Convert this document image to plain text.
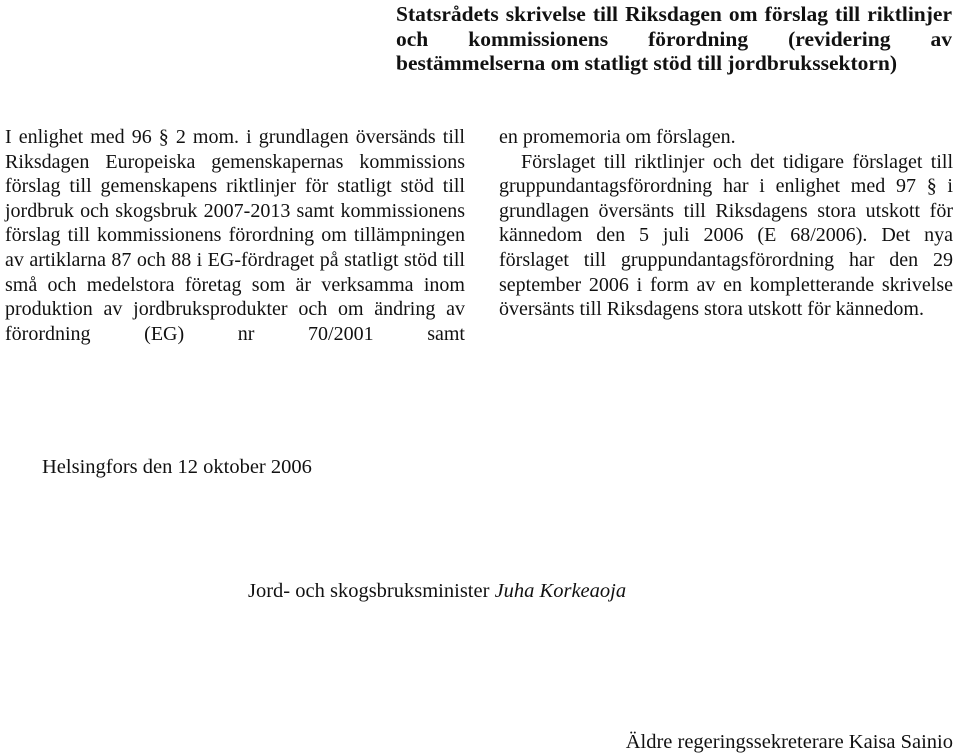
Statsrådets skrivelse till Riksdagen om förslag till riktlinjer och kommissionens förordning (revidering av bestämmelserna om statligt stöd till jordbrukssektorn)

I enlighet med 96 § 2 mom. i grundlagen översänds till Riksdagen Europeiska gemenskapernas kommissions förslag till gemenskapens riktlinjer för statligt stöd till jordbruk och skogsbruk 2007-2013 samt kommissionens förslag till kommissionens förordning om tillämpningen av artiklarna 87 och 88 i EG-fördraget på statligt stöd till små och medelstora företag som är verksamma inom produktion av jordbruksprodukter och om ändring av förordning (EG) nr 70/2001 samt

en promemoria om förslagen.

Förslaget till riktlinjer och det tidigare förslaget till gruppundantagsförordning har i enlighet med 97 § i grundlagen översänts till Riksdagens stora utskott för kännedom den 5 juli 2006 (E 68/2006). Det nya förslaget till gruppundantagsförordning har den 29 september 2006 i form av en kompletterande skrivelse översänts till Riksdagens stora utskott för kännedom.

Helsingfors den 12 oktober 2006

Jord- och skogsbruksminister Juha Korkeaoja

Äldre regeringssekreterare Kaisa Sainio
